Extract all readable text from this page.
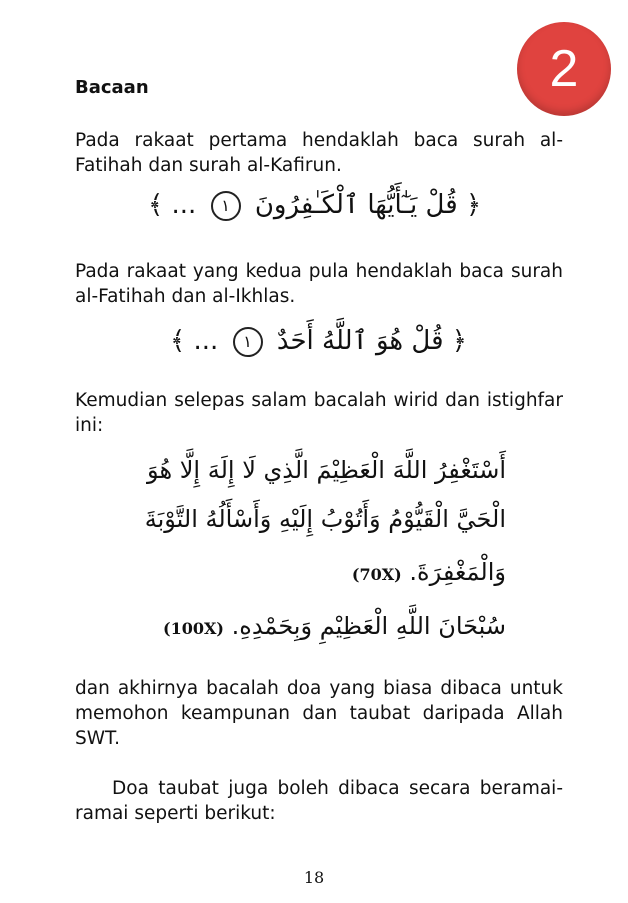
2
Bacaan
Pada rakaat pertama hendaklah baca surah al-Fatihah dan surah al-Kafirun.
﴿ قُلْ يَـٰٓأَيُّهَا ٱلْكَـٰفِرُونَ ١ ... ﴾
Pada rakaat yang kedua pula hendaklah baca surah al-Fatihah dan al-Ikhlas.
﴿ قُلْ هُوَ ٱللَّهُ أَحَدٌ ١ ... ﴾
Kemudian selepas salam bacalah wirid dan istighfar ini:
أَسْتَغْفِرُ اللَّهَ الْعَظِيْمَ الَّذِي لَا إِلَهَ إِلَّا هُوَ
الْحَيَّ الْقَيُّوْمُ وَأَتُوْبُ إِلَيْهِ وَأَسْأَلُهُ التَّوْبَةَ
وَالْمَغْفِرَةَ. (70X)
سُبْحَانَ اللَّهِ الْعَظِيْمِ وَبِحَمْدِهِ. (100X)
dan akhirnya bacalah doa yang biasa dibaca untuk memohon keampunan dan taubat daripada Allah SWT.
Doa taubat juga boleh dibaca secara beramai-ramai seperti berikut:
18
